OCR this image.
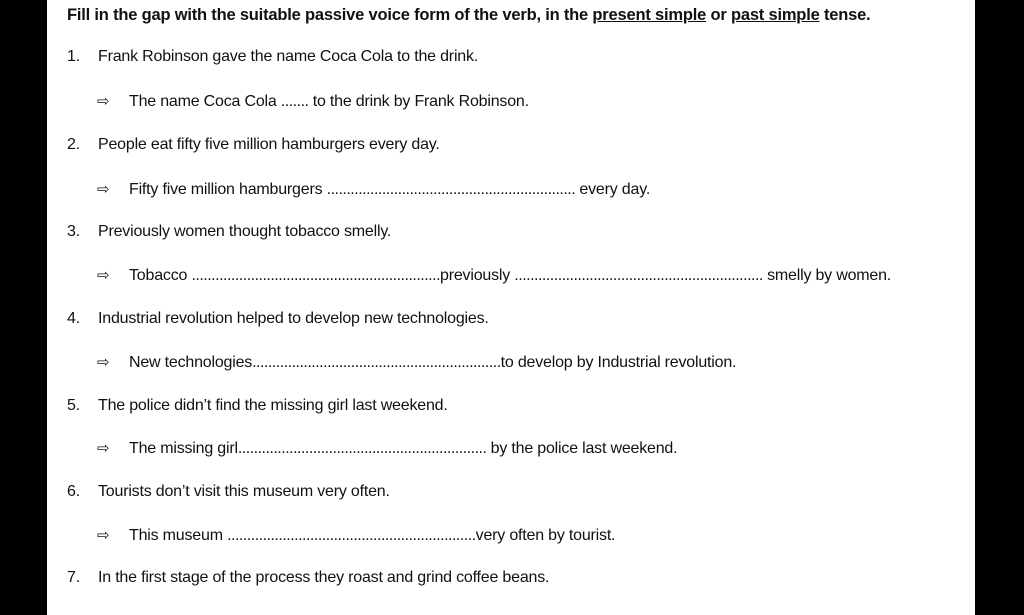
Fill in the gap with the suitable passive voice form of the verb, in the present simple or past simple tense.
1. Frank Robinson gave the name Coca Cola to the drink.
⇨ The name Coca Cola ....... to the drink by Frank Robinson.
2. People eat fifty five million hamburgers every day.
⇨ Fifty five million hamburgers ............................................................... every day.
3. Previously women thought tobacco smelly.
⇨ Tobacco ...............................................................previously ............................................................... smelly by women.
4. Industrial revolution helped to develop new technologies.
⇨ New technologies...............................................................to develop by Industrial revolution.
5. The police didn’t find the missing girl last weekend.
⇨ The missing girl............................................................... by the police last weekend.
6. Tourists don’t visit this museum very often.
⇨ This museum ...............................................................very often by tourist.
7. In the first stage of the process they roast and grind coffee beans.
